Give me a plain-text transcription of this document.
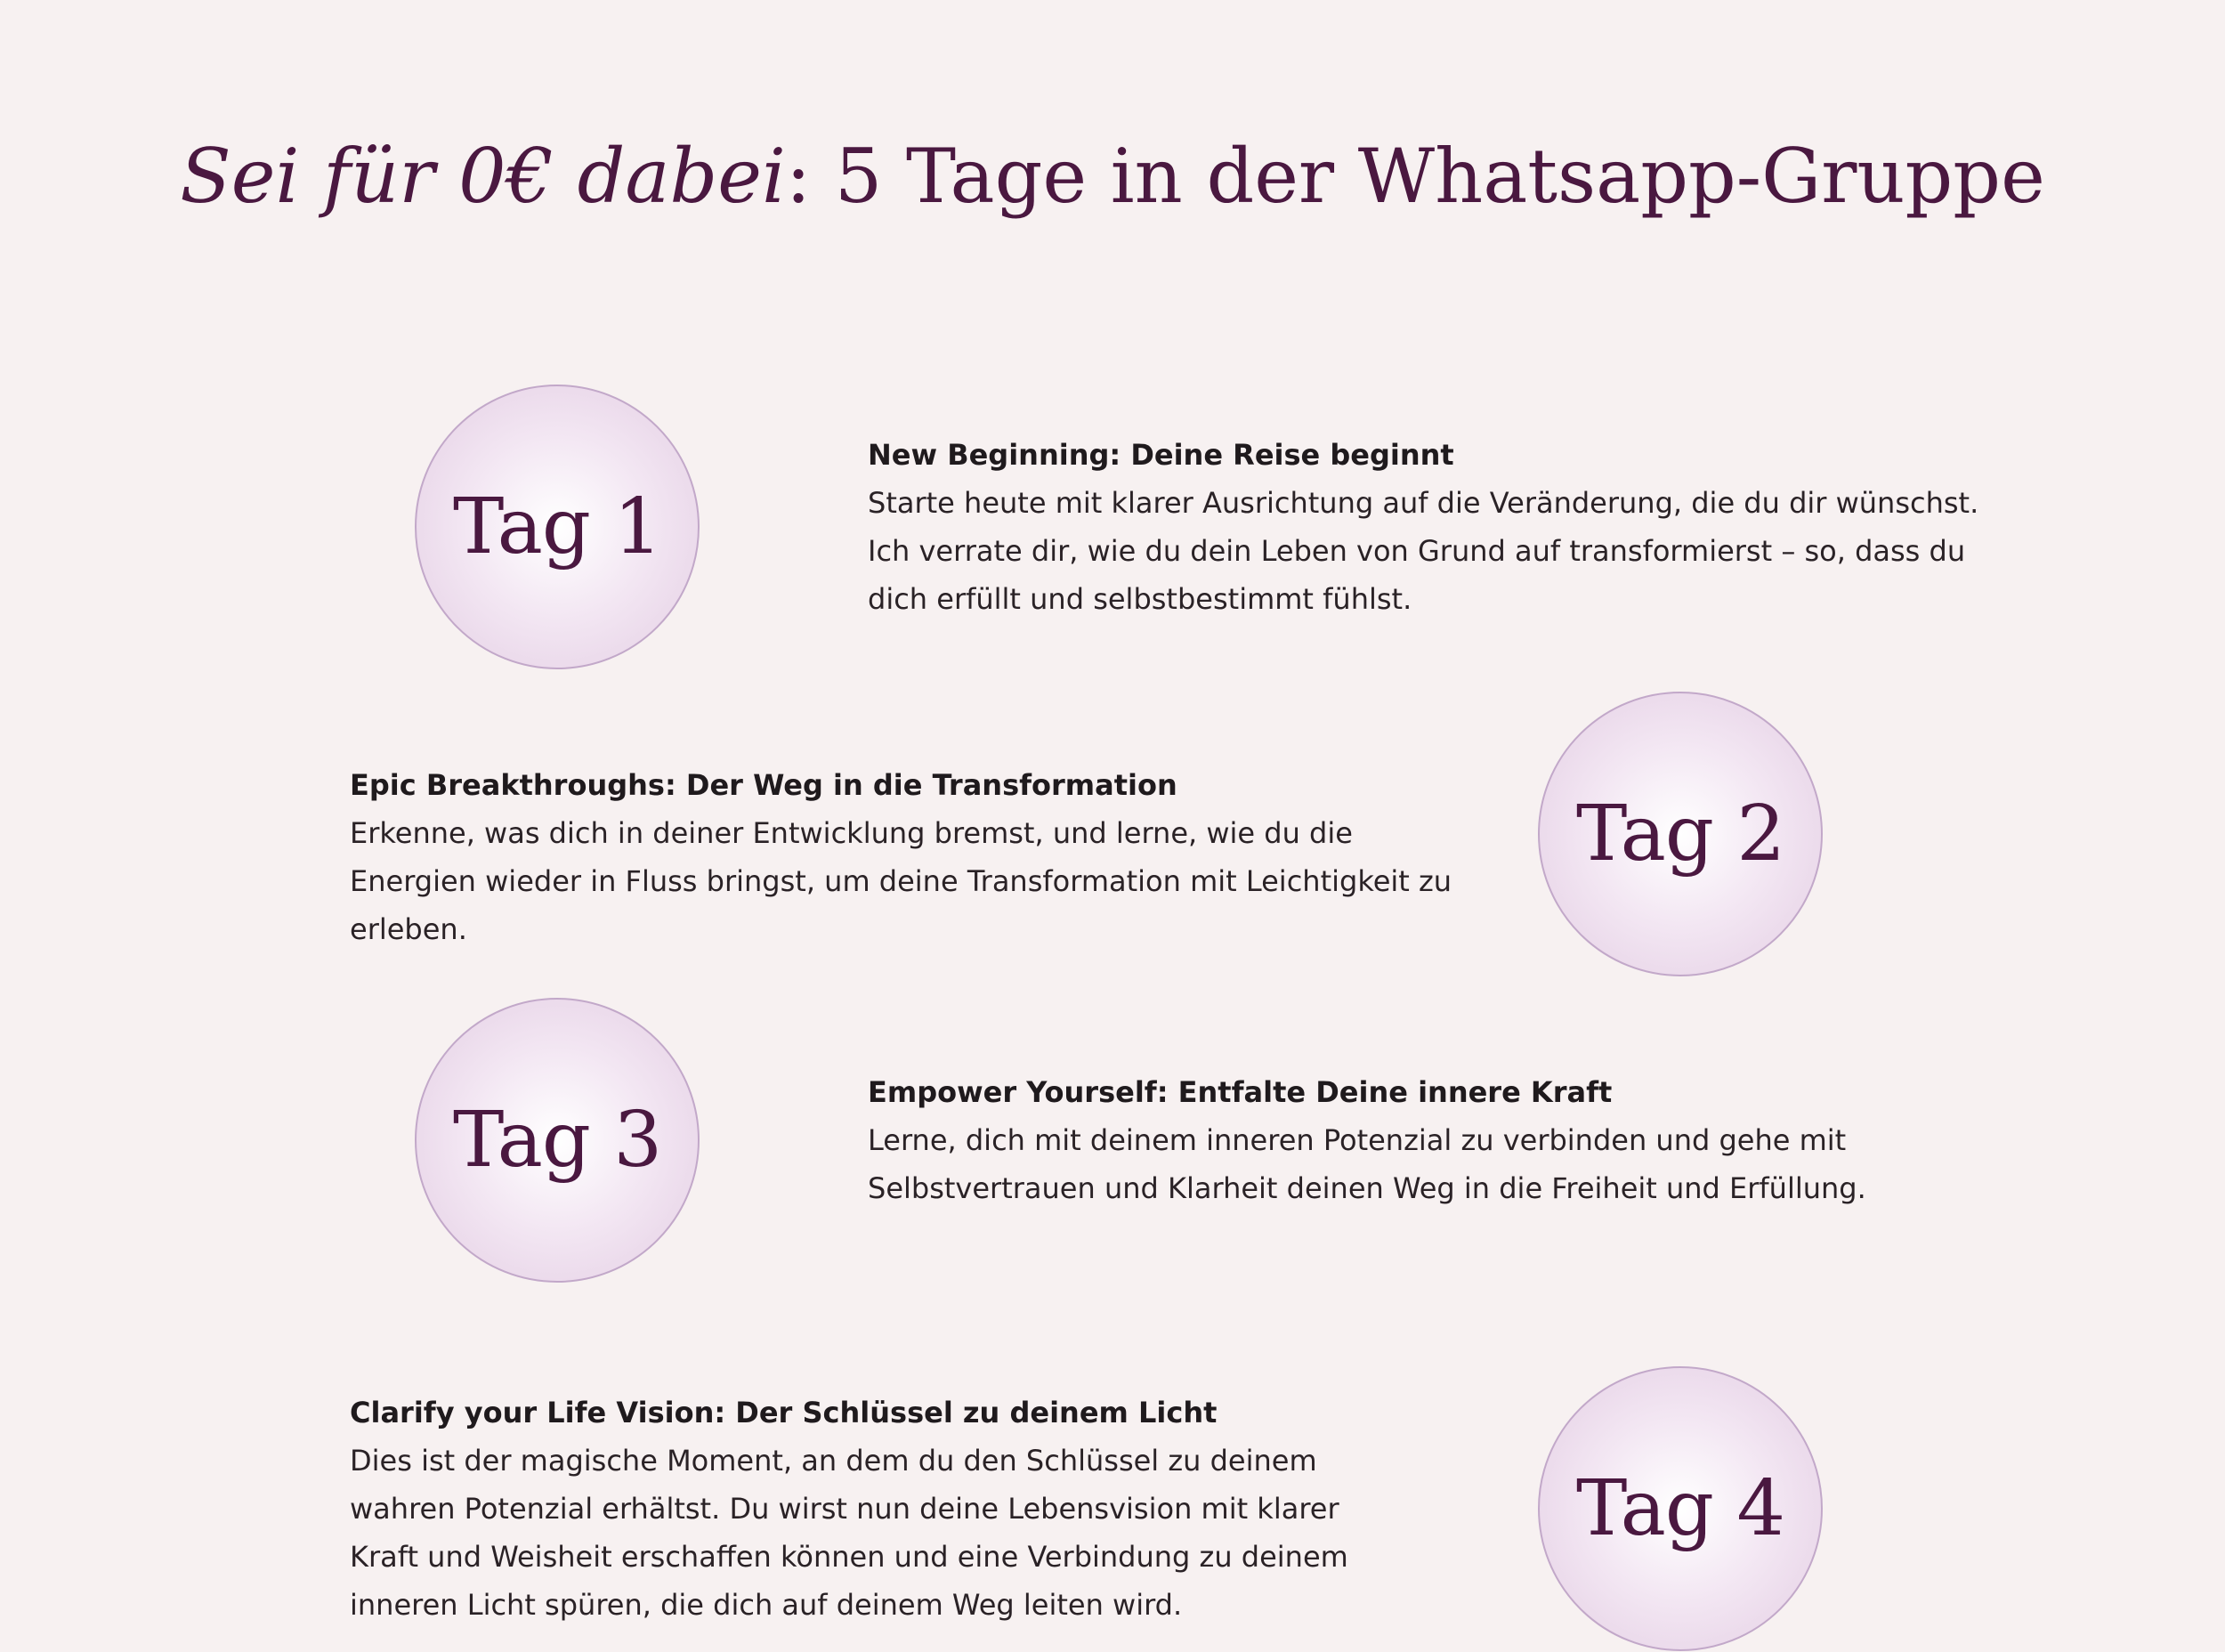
Sei für 0€ dabei: 5 Tage in der Whatsapp-Gruppe
Tag 1
New Beginning: Deine Reise beginnt

Starte heute mit klarer Ausrichtung auf die Veränderung, die du dir wünschst. Ich verrate dir, wie du dein Leben von Grund auf transformierst – so, dass du dich erfüllt und selbstbestimmt fühlst.

Epic Breakthroughs: Der Weg in die Transformation

Erkenne, was dich in deiner Entwicklung bremst, und lerne, wie du die Energien wieder in Fluss bringst, um deine Transformation mit Leichtigkeit zu erleben.

Tag 2
Tag 3
Empower Yourself: Entfalte Deine innere Kraft

Lerne, dich mit deinem inneren Potenzial zu verbinden und gehe mit Selbstvertrauen und Klarheit deinen Weg in die Freiheit und Erfüllung.

Clarify your Life Vision: Der Schlüssel zu deinem Licht

Dies ist der magische Moment, an dem du den Schlüssel zu deinem wahren Potenzial erhältst. Du wirst nun deine Lebensvision mit klarer Kraft und Weisheit erschaffen können und eine Verbindung zu deinem inneren Licht spüren, die dich auf deinem Weg leiten wird.

Tag 4
